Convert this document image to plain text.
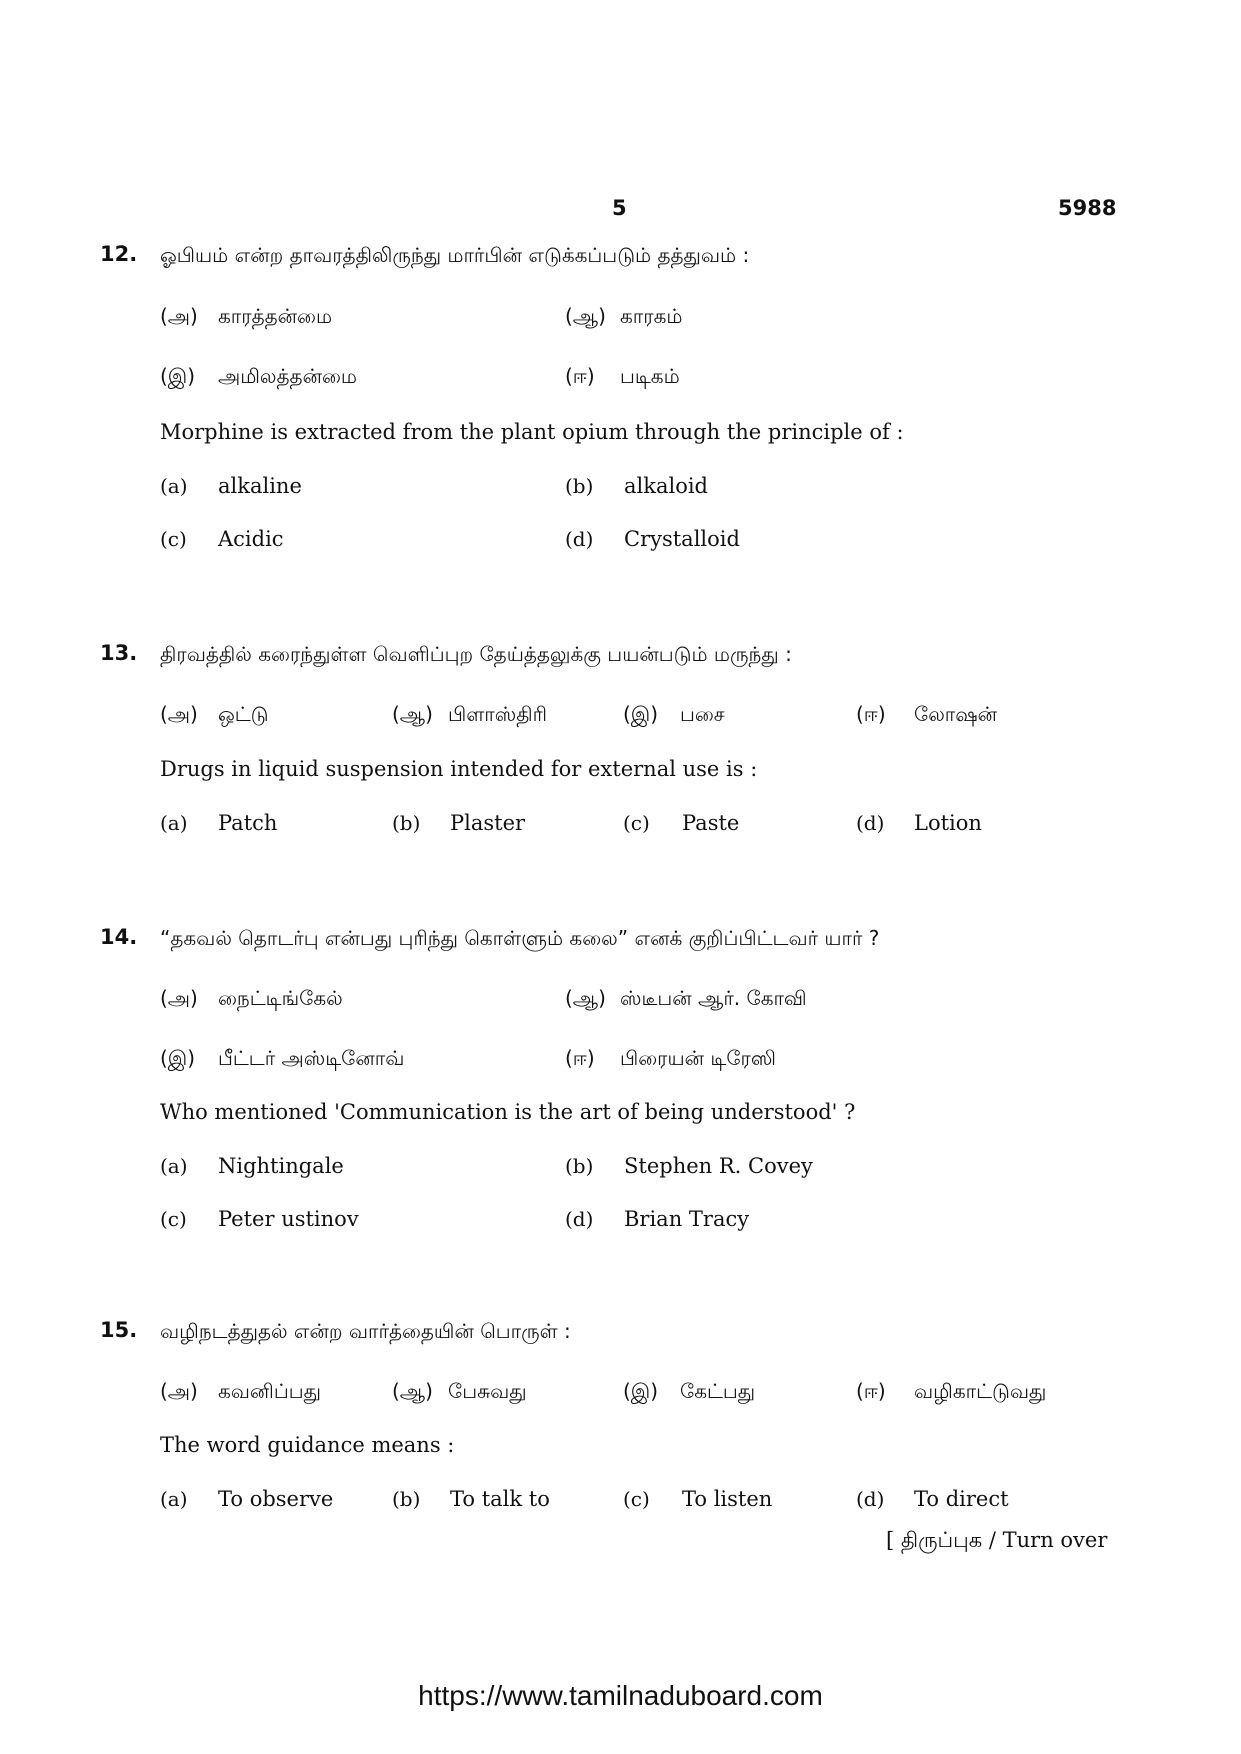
5	5988
12. ஓபியம் என்ற தாவரத்திலிருந்து மார்பின் எடுக்கப்படும் தத்துவம் :
(அ) காரத்தன்மை	(ஆ) காரகம்
(இ) அமிலத்தன்மை	(ஈ) படிகம்
Morphine is extracted from the plant opium through the principle of :
(a) alkaline	(b) alkaloid
(c) Acidic	(d) Crystalloid
13. திரவத்தில் கரைந்துள்ள வெளிப்புற தேய்த்தலுக்கு பயன்படும் மருந்து :
(அ) ஒட்டு	(ஆ) பிளாஸ்திரி	(இ) பசை	(ஈ) லோஷன்
Drugs in liquid suspension intended for external use is :
(a) Patch	(b) Plaster	(c) Paste	(d) Lotion
14. “தகவல் தொடர்பு என்பது புரிந்து கொள்ளும் கலை” எனக் குறிப்பிட்டவர் யார் ?
(அ) நைட்டிங்கேல்	(ஆ) ஸ்டீபன் ஆர். கோவி
(இ) பீட்டர் அஸ்டினோவ்	(ஈ) பிரையன் டிரேஸி
Who mentioned 'Communication is the art of being understood' ?
(a) Nightingale	(b) Stephen R. Covey
(c) Peter ustinov	(d) Brian Tracy
15. வழிநடத்துதல் என்ற வார்த்தையின் பொருள் :
(அ) கவனிப்பது	(ஆ) பேசுவது	(இ) கேட்பது	(ஈ) வழிகாட்டுவது
The word guidance means :
(a) To observe	(b) To talk to	(c) To listen	(d) To direct
[ திருப்புக / Turn over
https://www.tamilnaduboard.com
